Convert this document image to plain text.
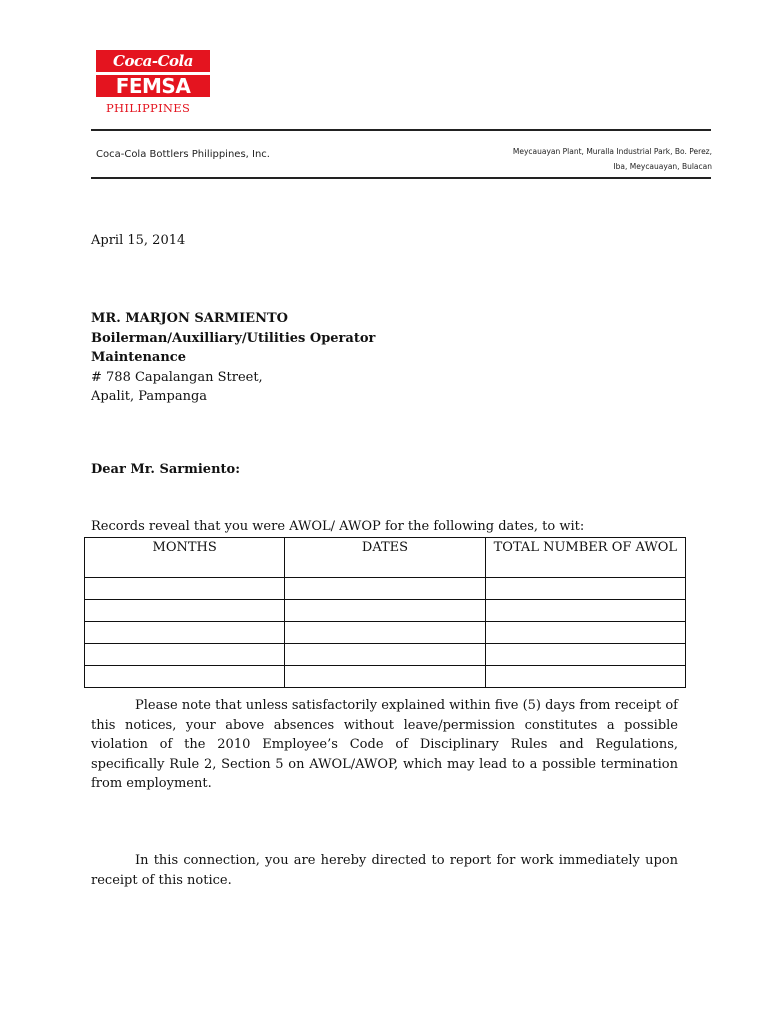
Coca-Cola
FEMSA
PHILIPPINES
Coca-Cola Bottlers Philippines, Inc.	Meycauayan Plant, Muralla Industrial Park, Bo. Perez,
Iba, Meycauayan, Bulacan
April 15, 2014
MR. MARJON SARMIENTO
Boilerman/Auxilliary/Utilities Operator
Maintenance
# 788 Capalangan Street,
Apalit, Pampanga
Dear Mr. Sarmiento:
Records reveal that you were AWOL/ AWOP for the following dates, to wit:
MONTHS	DATES	TOTAL NUMBER OF AWOL

Please note that unless satisfactorily explained within five (5) days from receipt of this notices, your above absences without leave/permission constitutes a possible violation of the 2010 Employee’s Code of Disciplinary Rules and Regulations, specifically Rule 2, Section 5 on AWOL/AWOP, which may lead to a possible termination from employment.

In this connection, you are hereby directed to report for work immediately upon receipt of this notice.
